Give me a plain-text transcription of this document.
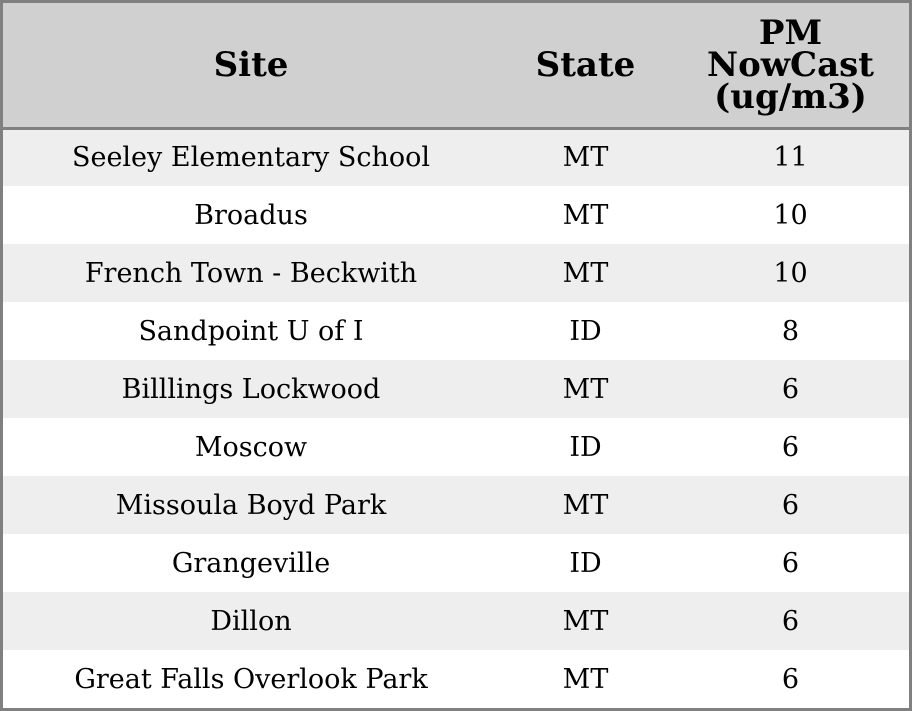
Site	State	PM
NowCast
(ug/m3)

Seeley Elementary School	MT	11
Broadus	MT	10
French Town - Beckwith	MT	10
Sandpoint U of I	ID	8
Billlings Lockwood	MT	6
Moscow	ID	6
Missoula Boyd Park	MT	6
Grangeville	ID	6
Dillon	MT	6
Great Falls Overlook Park	MT	6
